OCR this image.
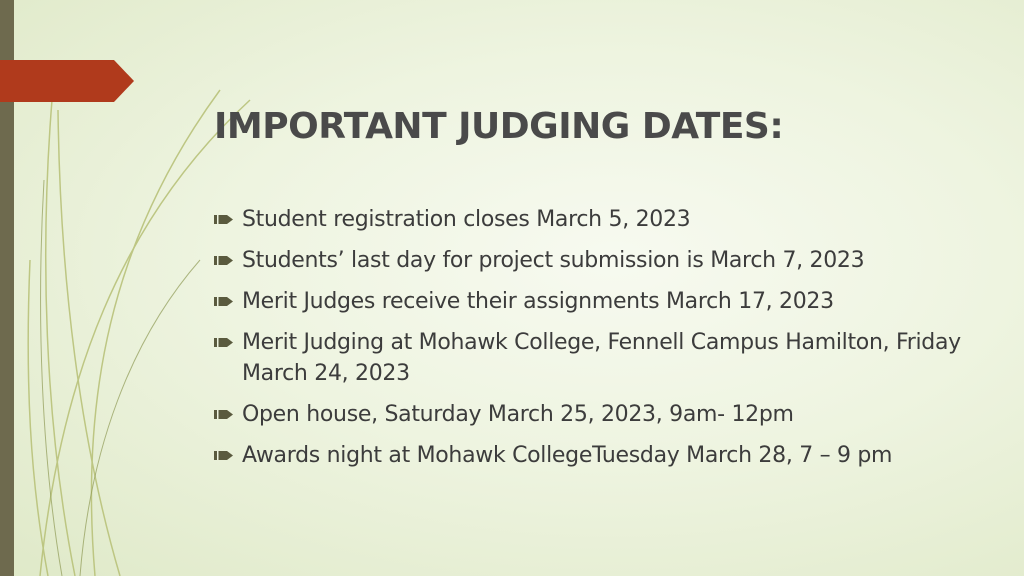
IMPORTANT JUDGING DATES:
Student registration closes March 5, 2023
Students’ last day for project submission is March 7, 2023
Merit Judges receive their assignments March 17, 2023
Merit Judging at Mohawk College, Fennell Campus Hamilton, Friday March 24, 2023
Open house, Saturday March 25, 2023, 9am- 12pm
Awards night at Mohawk CollegeTuesday March 28, 7 – 9 pm
